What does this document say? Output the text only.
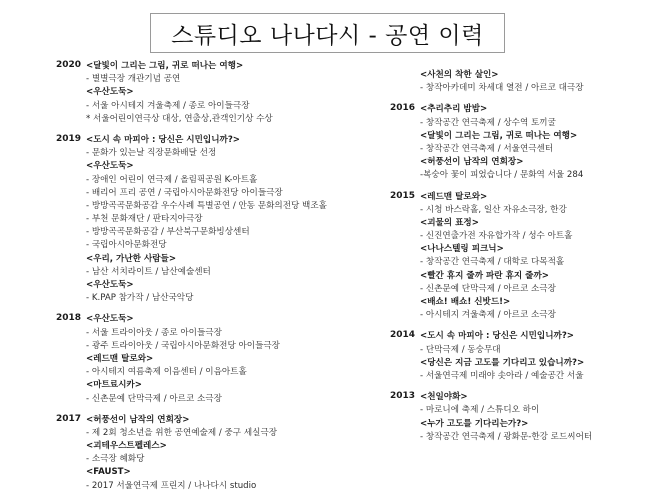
스튜디오 나나다시 - 공연 이력
2020 <달빛이 그리는 그림, 귀로 떠나는 여행>
- 별별극장 개관기념 공연
<우산도둑>
- 서울 아시테지 겨울축제 / 종로 아이들극장
* 서울어린이연극상 대상, 연출상,관객인기상 수상
2019 <도시 속 마피아 : 당신은 시민입니까?>
- 문화가 있는날 직장문화배달 선정
<우산도둑>
- 장애인 어린이 연극제 / 올림픽공원 K-아트홀
- 배리어 프리 공연 / 국립아시아문화전당 아이들극장
- 방방곡곡문화공감 우수사례 특별공연 / 안동 문화의전당 백조홀
- 부천 문화재단 / 판타지아극장
- 방방곡곡문화공감 / 부산북구문화빙상센터
- 국립아시아문화전당
<우리, 가난한 사람들>
- 남산 서치라이트 / 남산예술센터
<우산도둑>
- K.PAP 참가작 / 남산국악당
2018 <우산도둑>
- 서울 트라이아웃 / 종로 아이들극장
- 광주 트라이아웃 / 국립아시아문화전당 아이들극장
<레드맨 탈로와>
- 아시테지 여름축제 이음센터 / 이음아트홀
<마트료시카>
- 신촌문예 단막극제 / 아르코 소극장
2017 <허풍선이 남작의 연회장>
- 제 2회 청소년을 위한 공연예술제 / 중구 세실극장
<괴테우스트펠레스>
- 소극장 혜화당
<FAUST>
- 2017 서울연극제 프린지 / 나나다시 studio
<사천의 착한 살인>
- 창작아카데미 차세대 열전 / 아르코 대극장
2016 <추리추리 밤밤>
- 창작공간 연극축제 / 상수역 토끼굴
<달빛이 그리는 그림, 귀로 떠나는 여행>
- 창작공간 연극축제 / 서울연극센터
<허풍선이 남작의 연회장>
-복숭아 꽃이 피었습니다 / 문화역 서울 284
2015 <레드맨 탈로와>
- 시청 바스락홀, 일산 자유소극장, 한강
<괴물의 표정>
- 신진연출가전 자유합가작 / 성수 아트홀
<나나스텔링 피크닉>
- 창작공간 연극축제 / 대학로 다목적홀
<빨간 휴지 줄까 파란 휴지 줄까>
- 신촌문예 단막극제 / 아르코 소극장
<배쇼! 배쇼! 신밧드!>
- 아시테지 겨울축제 / 아르코 소극장
2014 <도시 속 마피아 : 당신은 시민입니까?>
- 단막극제 / 동숭무대
<당신은 지금 고도를 기다리고 있습니까?>
- 서울연극제 미래야 솟아라 / 예술공간 서울
2013 <천일야화>
- 마로니에 축제 / 스튜디오 하이
<누가 고도를 기다리는가?>
- 창작공간 연극축제 / 광화문-한강 로드씨어터
